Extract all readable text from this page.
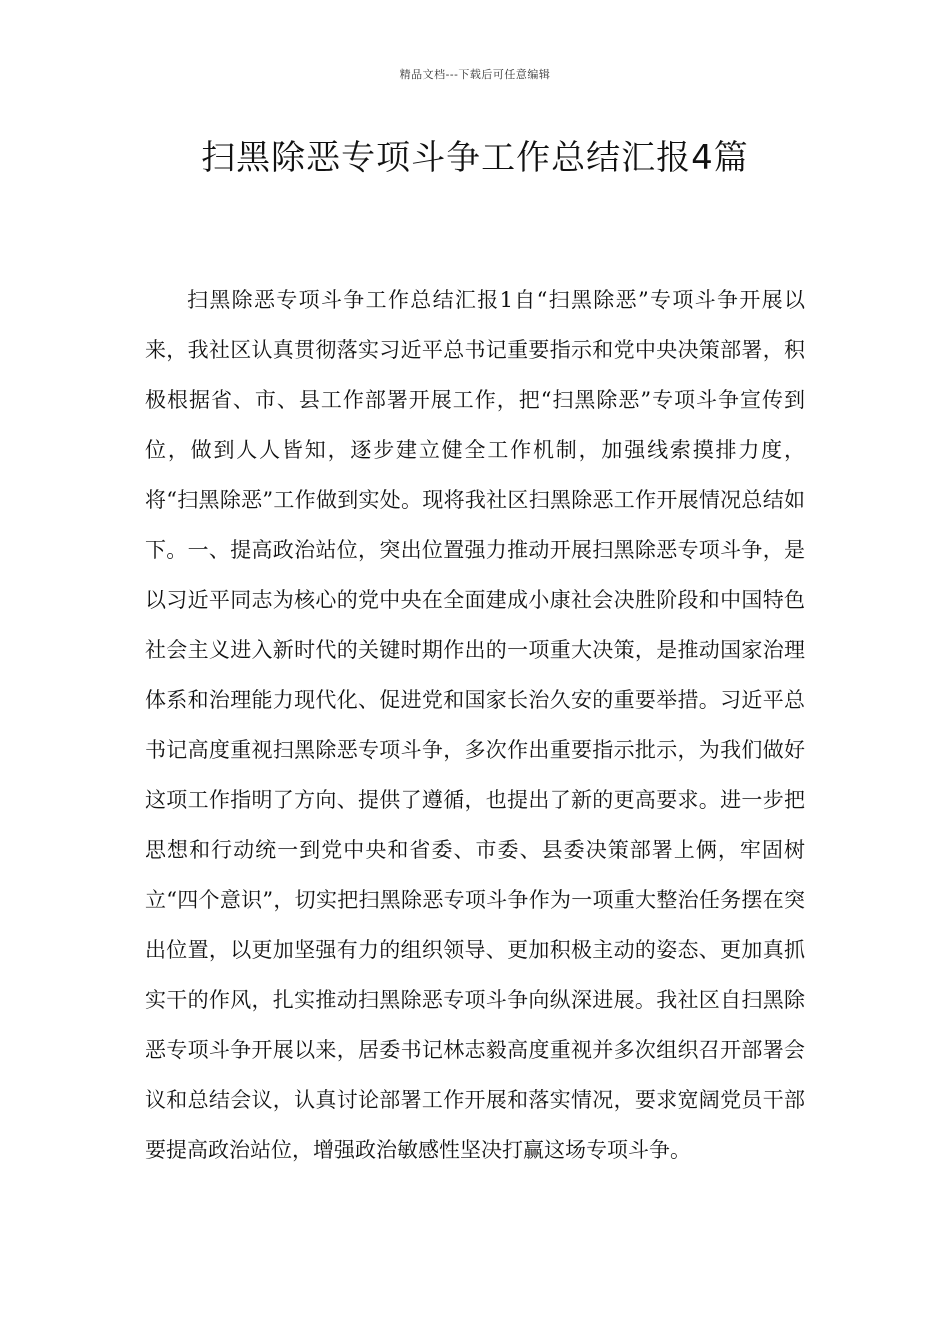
精品文档---下载后可任意编辑
扫黑除恶专项斗争工作总结汇报4篇

扫黑除恶专项斗争工作总结汇报1自“扫黑除恶”专项斗争开展以来，我社区认真贯彻落实习近平总书记重要指示和党中央决策部署，积极根据省、市、县工作部署开展工作，把“扫黑除恶”专项斗争宣传到位，做到人人皆知，逐步建立健全工作机制，加强线索摸排力度，将“扫黑除恶”工作做到实处。现将我社区扫黑除恶工作开展情况总结如下。一、提高政治站位，突出位置强力推动开展扫黑除恶专项斗争，是以习近平同志为核心的党中央在全面建成小康社会决胜阶段和中国特色社会主义进入新时代的关键时期作出的一项重大决策，是推动国家治理体系和治理能力现代化、促进党和国家长治久安的重要举措。习近平总书记高度重视扫黑除恶专项斗争，多次作出重要指示批示，为我们做好这项工作指明了方向、提供了遵循，也提出了新的更高要求。进一步把思想和行动统一到党中央和省委、市委、县委决策部署上俩，牢固树立“四个意识”，切实把扫黑除恶专项斗争作为一项重大整治任务摆在突出位置，以更加坚强有力的组织领导、更加积极主动的姿态、更加真抓实干的作风，扎实推动扫黑除恶专项斗争向纵深进展。我社区自扫黑除恶专项斗争开展以来，居委书记林志毅高度重视并多次组织召开部署会议和总结会议，认真讨论部署工作开展和落实情况，要求宽阔党员干部要提高政治站位，增强政治敏感性坚决打赢这场专项斗争。
